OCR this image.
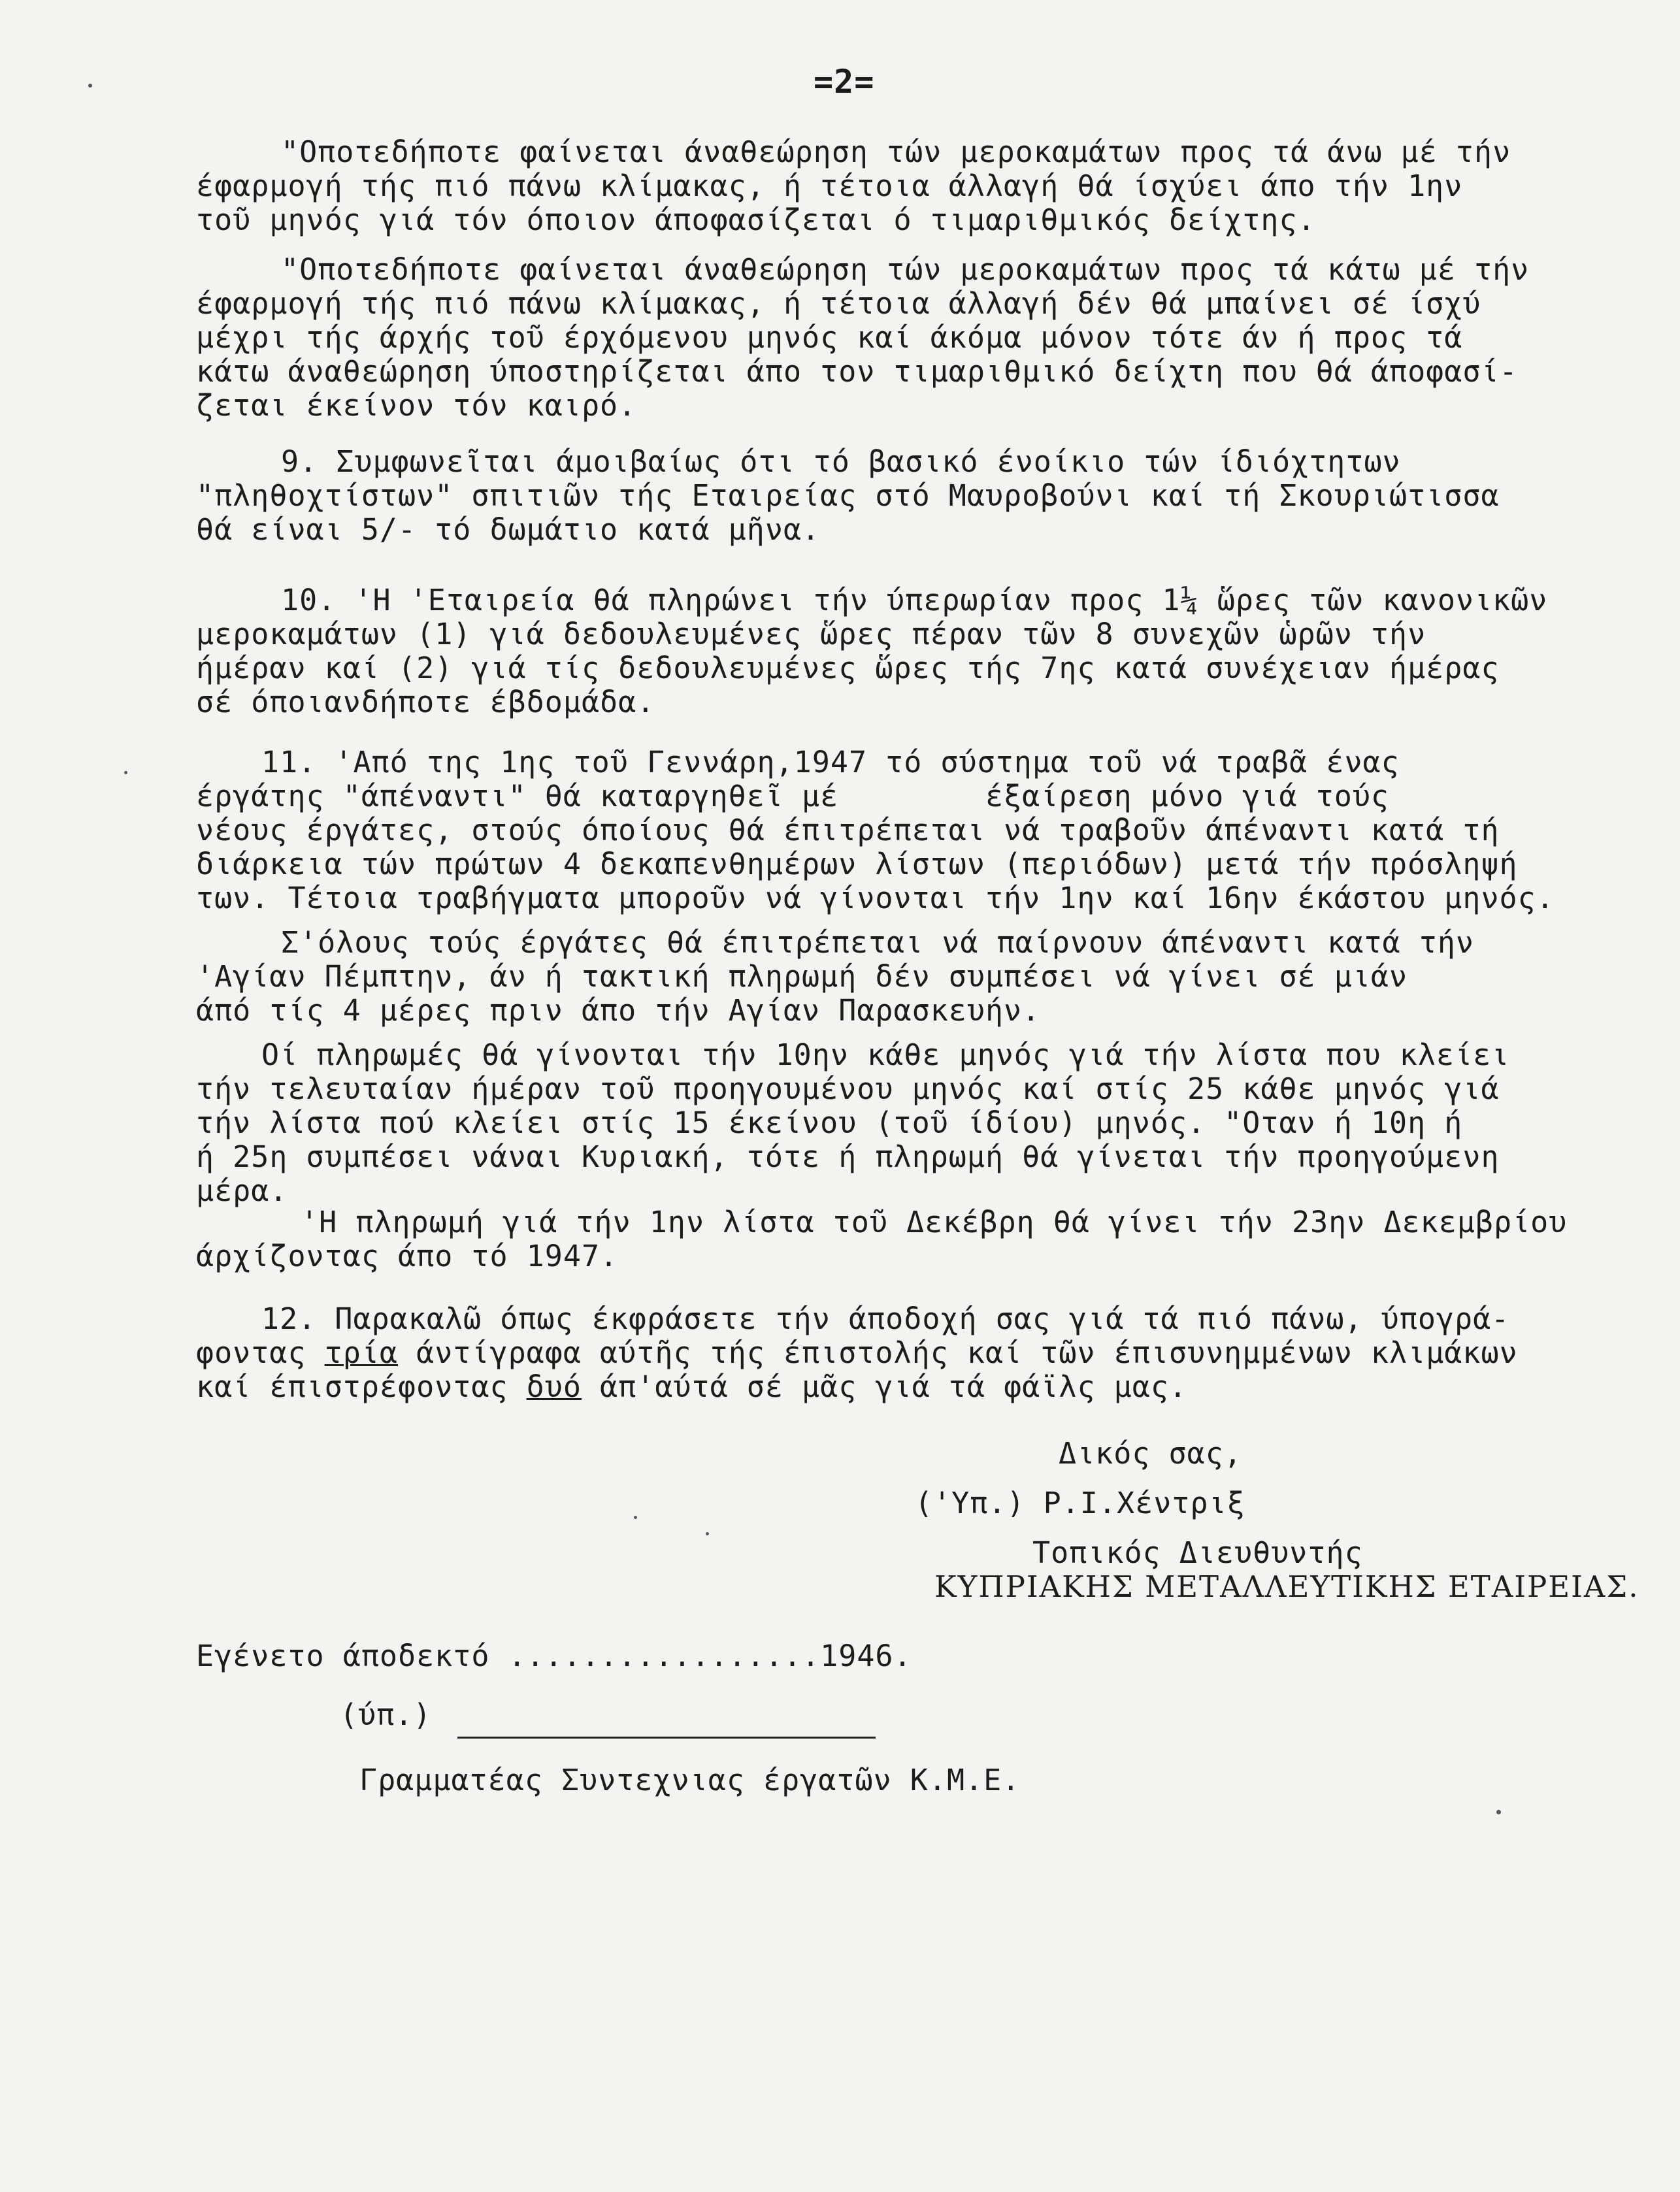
=2=
"Οποτεδήποτε φαίνεται άναθεώρηση τών μεροκαμάτων προς τά άνω μέ τήν
έφαρμογή τής πιό πάνω κλίμακας, ή τέτοια άλλαγή θά ίσχύει άπο τήν 1ην
τοῦ μηνός γιά τόν όποιον άποφασίζεται ό τιμαριθμικός δείχτης.
"Οποτεδήποτε φαίνεται άναθεώρηση τών μεροκαμάτων προς τά κάτω μέ τήν
έφαρμογή τής πιό πάνω κλίμακας, ή τέτοια άλλαγή δέν θά μπαίνει σέ ίσχύ
μέχρι τής άρχής τοῦ έρχόμενου μηνός καί άκόμα μόνον τότε άν ή προς τά
κάτω άναθεώρηση ύποστηρίζεται άπο τον τιμαριθμικό δείχτη που θά άποφασί-
ζεται έκείνον τόν καιρό.
9. Συμφωνεῖται άμοιβαίως ότι τό βασικό ένοίκιο τών ίδιόχτητων
"πληθοχτίστων" σπιτιῶν τής Εταιρείας στό Μαυροβούνι καί τή Σκουριώτισσα
θά είναι 5/- τό δωμάτιο κατά μῆνα.
10. 'Η 'Εταιρεία θά πληρώνει τήν ύπερωρίαν προς 1¼ ὥρες τῶν κανονικῶν
μεροκαμάτων (1) γιά δεδουλευμένες ὥρες πέραν τῶν 8 συνεχῶν ὡρῶν τήν
ήμέραν καί (2) γιά τίς δεδουλευμένες ὥρες τής 7ης κατά συνέχειαν ήμέρας
σέ όποιανδήποτε έβδομάδα.
11. 'Από της 1ης τοῦ Γεννάρη,1947 τό σύστημα τοῦ νά τραβᾶ ένας
έργάτης "άπέναντι" θά καταργηθεῖ μέ        έξαίρεση μόνο γιά τούς
νέους έργάτες, στούς όποίους θά έπιτρέπεται νά τραβοῦν άπέναντι κατά τή
διάρκεια τών πρώτων 4 δεκαπενθημέρων λίστων (περιόδων) μετά τήν πρόσληψή
των. Τέτοια τραβήγματα μποροῦν νά γίνονται τήν 1ην καί 16ην έκάστου μηνός.
Σ'όλους τούς έργάτες θά έπιτρέπεται νά παίρνουν άπέναντι κατά τήν
'Αγίαν Πέμπτην, άν ή τακτική πληρωμή δέν συμπέσει νά γίνει σέ μιάν
άπό τίς 4 μέρες πριν άπο τήν Αγίαν Παρασκευήν.
Οί πληρωμές θά γίνονται τήν 10ην κάθε μηνός γιά τήν λίστα που κλείει
τήν τελευταίαν ήμέραν τοῦ προηγουμένου μηνός καί στίς 25 κάθε μηνός γιά
τήν λίστα πού κλείει στίς 15 έκείνου (τοῦ ίδίου) μηνός. "Οταν ή 10η ή
ή 25η συμπέσει νάναι Κυριακή, τότε ή πληρωμή θά γίνεται τήν προηγούμενη
μέρα.
'Η πληρωμή γιά τήν 1ην λίστα τοῦ Δεκέβρη θά γίνει τήν 23ην Δεκεμβρίου
άρχίζοντας άπο τό 1947.
12. Παρακαλῶ όπως έκφράσετε τήν άποδοχή σας γιά τά πιό πάνω, ύπογρά-
φοντας τρία άντίγραφα αύτῆς τής έπιστολής καί τῶν έπισυνημμένων κλιμάκων
καί έπιστρέφοντας δυό άπ'αύτά σέ μᾶς γιά τά φάϊλς μας.
Δικός σας,
('Υπ.) Ρ.Ι.Χέντριξ
Τοπικός Διευθυντής
ΚΥΠΡΙΑΚΗΣ ΜΕΤΑΛΛΕΥΤΙΚΗΣ ΕΤΑΙΡΕΙΑΣ.
Εγένετο άποδεκτό .................1946.
(ύπ.)
Γραμματέας Συντεχνιας έργατῶν Κ.Μ.Ε.
